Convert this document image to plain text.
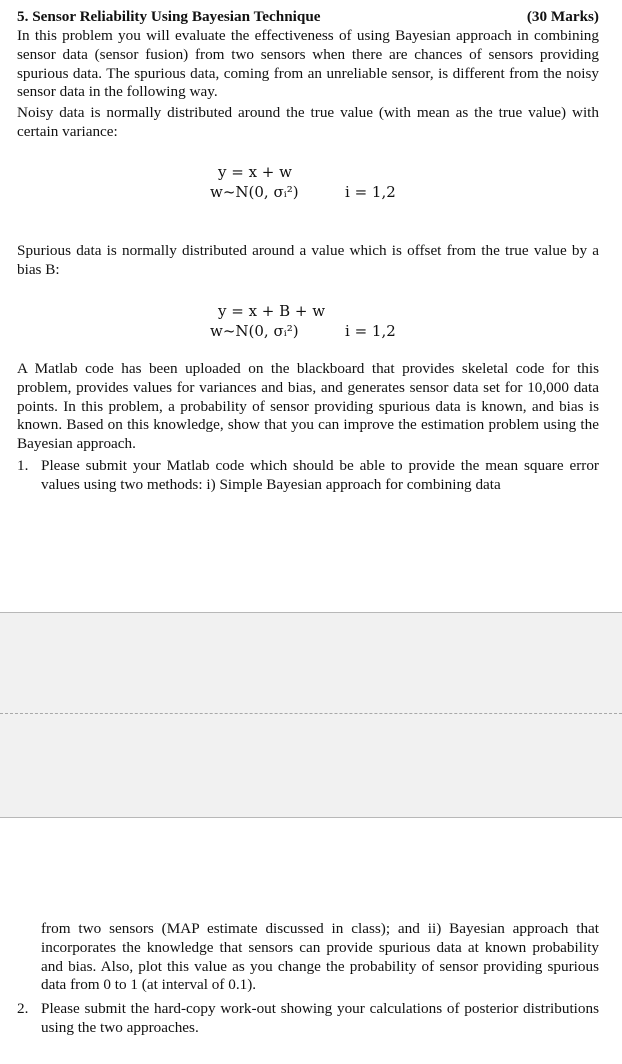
5. Sensor Reliability Using Bayesian Technique	(30 Marks)

In this problem you will evaluate the effectiveness of using Bayesian approach in combining sensor data (sensor fusion) from two sensors when there are chances of sensors providing spurious data. The spurious data, coming from an unreliable sensor, is different from the noisy sensor data in the following way.

Noisy data is normally distributed around the true value (with mean as the true value) with certain variance:

y = x + w
w~N(0, σᵢ²)	i = 1,2

Spurious data is normally distributed around a value which is offset from the true value by a bias B:

y = x + B + w
w~N(0, σᵢ²)	i = 1,2

A Matlab code has been uploaded on the blackboard that provides skeletal code for this problem, provides values for variances and bias, and generates sensor data set for 10,000 data points. In this problem, a probability of sensor providing spurious data is known, and bias is known. Based on this knowledge, show that you can improve the estimation problem using the Bayesian approach.

1. Please submit your Matlab code which should be able to provide the mean square error values using two methods: i) Simple Bayesian approach for combining data

from two sensors (MAP estimate discussed in class); and ii) Bayesian approach that incorporates the knowledge that sensors can provide spurious data at known probability and bias. Also, plot this value as you change the probability of sensor providing spurious data from 0 to 1 (at interval of 0.1).

2. Please submit the hard-copy work-out showing your calculations of posterior distributions using the two approaches.
